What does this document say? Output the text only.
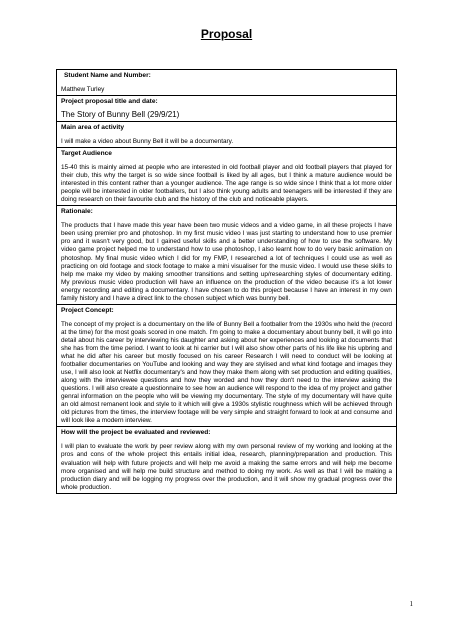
Proposal
Student Name and Number:
Matthew Turley
Project proposal title and date:
The Story of Bunny Bell (29/9/21)
Main area of activity
I will make a video about Bunny Bell it will be a documentary.
Target Audience
15-40 this is mainly aimed at people who are interested in old football player and old football players that played for their club, this why the target is so wide since football is liked by all ages, but I think a mature audience would be interested in this content rather than a younger audience. The age range is so wide since I think that a lot more older people will be interested in older footballers, but I also think young adults and teenagers will be interested if they are doing research on their favourite club and the history of the club and noticeable players.
Rationale:
The products that I have made this year have been two music videos and a video game, in all these projects I have been using premier pro and photoshop. In my first music video I was just starting to understand how to use premier pro and it wasn't very good, but I gained useful skills and a better understanding of how to use the software. My video game project helped me to understand how to use photoshop, I also learnt how to do very basic animation on photoshop. My final music video which I did for my FMP, I researched a lot of techniques I could use as well as practicing on old footage and stock footage to make a mini visualiser for the music video. I would use these skills to help me make my video by making smoother transitions and setting up/researching styles of documentary editing. My previous music video production will have an influence on the production of the video because it's a lot lower energy recording and editing a documentary. I have chosen to do this project because I have an interest in my own family history and I have a direct link to the chosen subject which was bunny bell.
Project Concept:
The concept of my project is a documentary on the life of Bunny Bell a footballer from the 1930s who held the (record at the time) for the most goals scored in one match. I'm going to make a documentary about bunny bell, it will go into detail about his career by interviewing his daughter and asking about her experiences and looking at documents that she has from the time period. I want to look at hi carrier but I will also show other parts of his life like his upbring and what he did after his career but mostly focused on his career Research I will need to conduct will be looking at footballer documentaries on YouTube and looking and way they are stylised and what kind footage and images they use, I will also look at Netflix documentary's and how they make them along with set production and editing qualities, along with the interviewee questions and how they worded and how they don't need to the interview asking the questions. I will also create a questionnaire to see how an audience will respond to the idea of my project and gather genral information on the people who will be viewing my documentary. The style of my documentary will have quite an old almost remanent look and style to it which will give a 1930s stylistic roughness which will be achieved through old pictures from the times, the interview footage will be very simple and straight forward to look at and consume and will look like a modern interview.
How will the project be evaluated and reviewed:
I will plan to evaluate the work by peer review along with my own personal review of my working and looking at the pros and cons of the whole project this entails initial idea, research, planning/preparation and production. This evaluation will help with future projects and will help me avoid a making the same errors and will help me become more organised and will help me build structure and method to doing my work. As well as that I will be making a production diary and will be logging my progress over the production, and it will show my gradual progress over the whole production.
1
